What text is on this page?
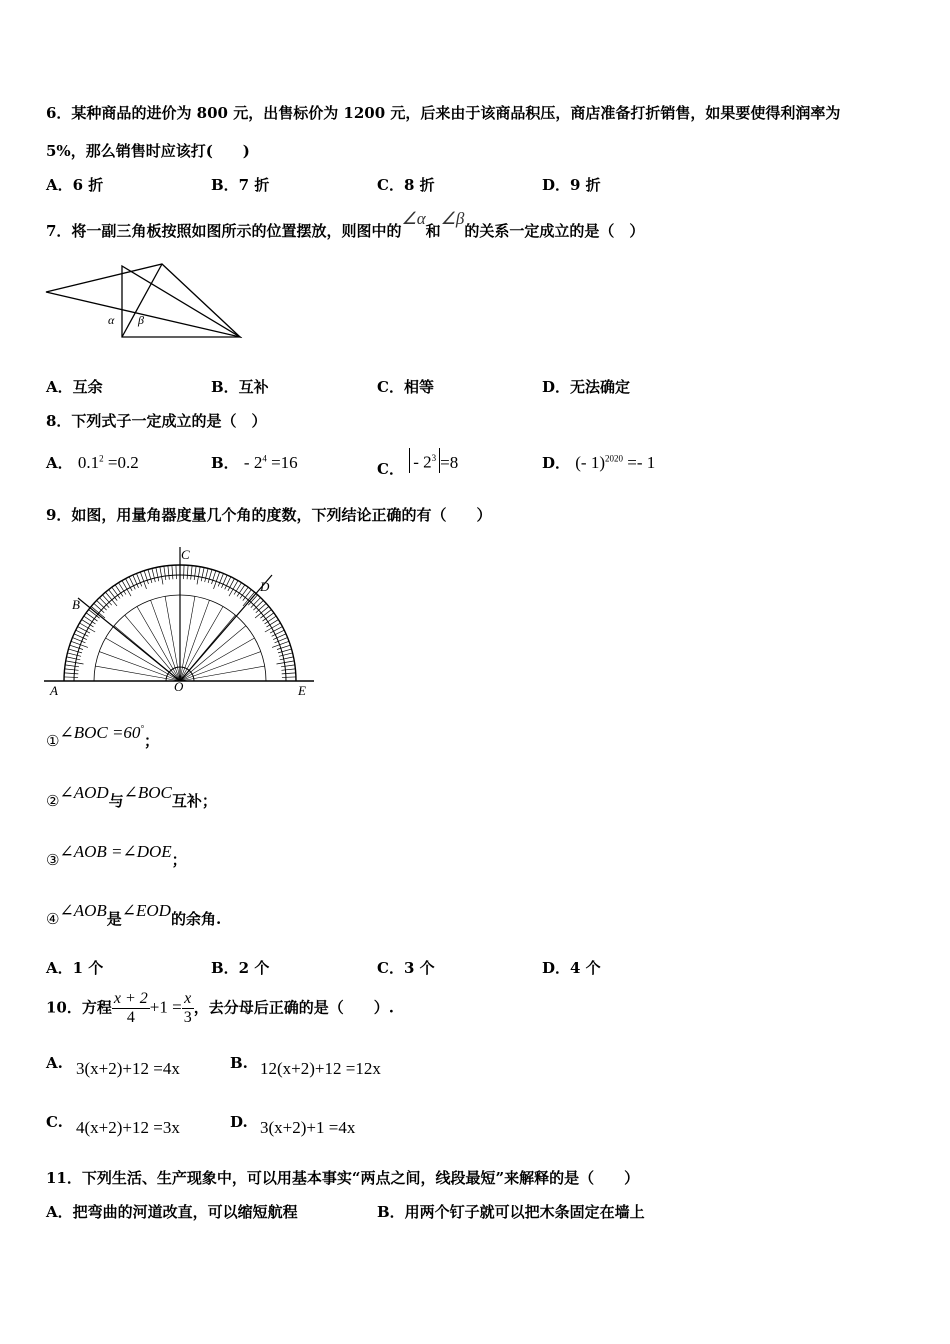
6．某种商品的进价为 800 元，出售标价为 1200 元，后来由于该商品积压，商店准备打折销售，如果要使得利润率为
5%，那么销售时应该打(　　)
A．6 折	B．7 折	C．8 折	D．9 折
7．将一副三角板按照如图所示的位置摆放，则图中的∠α和∠β的关系一定成立的是（　）
α β
A．互余	B．互补	C．相等	D．无法确定
8．下列式子一定成立的是（　）
A． $0.1^2 =0.2$	B． - $2^4 =16$	C． - $2^3 =8$	D． (- 1)$^{2020}$ =- 1
9．如图，用量角器度量几个角的度数，下列结论正确的有（　　）
A
B
C
D
E
O
①∠BOC =60°；
②∠AOD与∠BOC互补；
③∠AOB =∠DOE；
④∠AOB是∠EOD的余角.
A．1 个	B．2 个	C．3 个	D．4 个
10．方程 $\frac{x + 2}{4} +1 = \frac{x}{3}$ ，去分母后正确的是（　　）.
A. 3(x+2)+12 =4x	B. 12(x+2)+12 =12x
C. 4(x+2)+12 =3x	D. 3(x+2)+1 =4x
11．下列生活、生产现象中，可以用基本事实“两点之间，线段最短”来解释的是（　　）
A．把弯曲的河道改直，可以缩短航程	B．用两个钉子就可以把木条固定在墙上
